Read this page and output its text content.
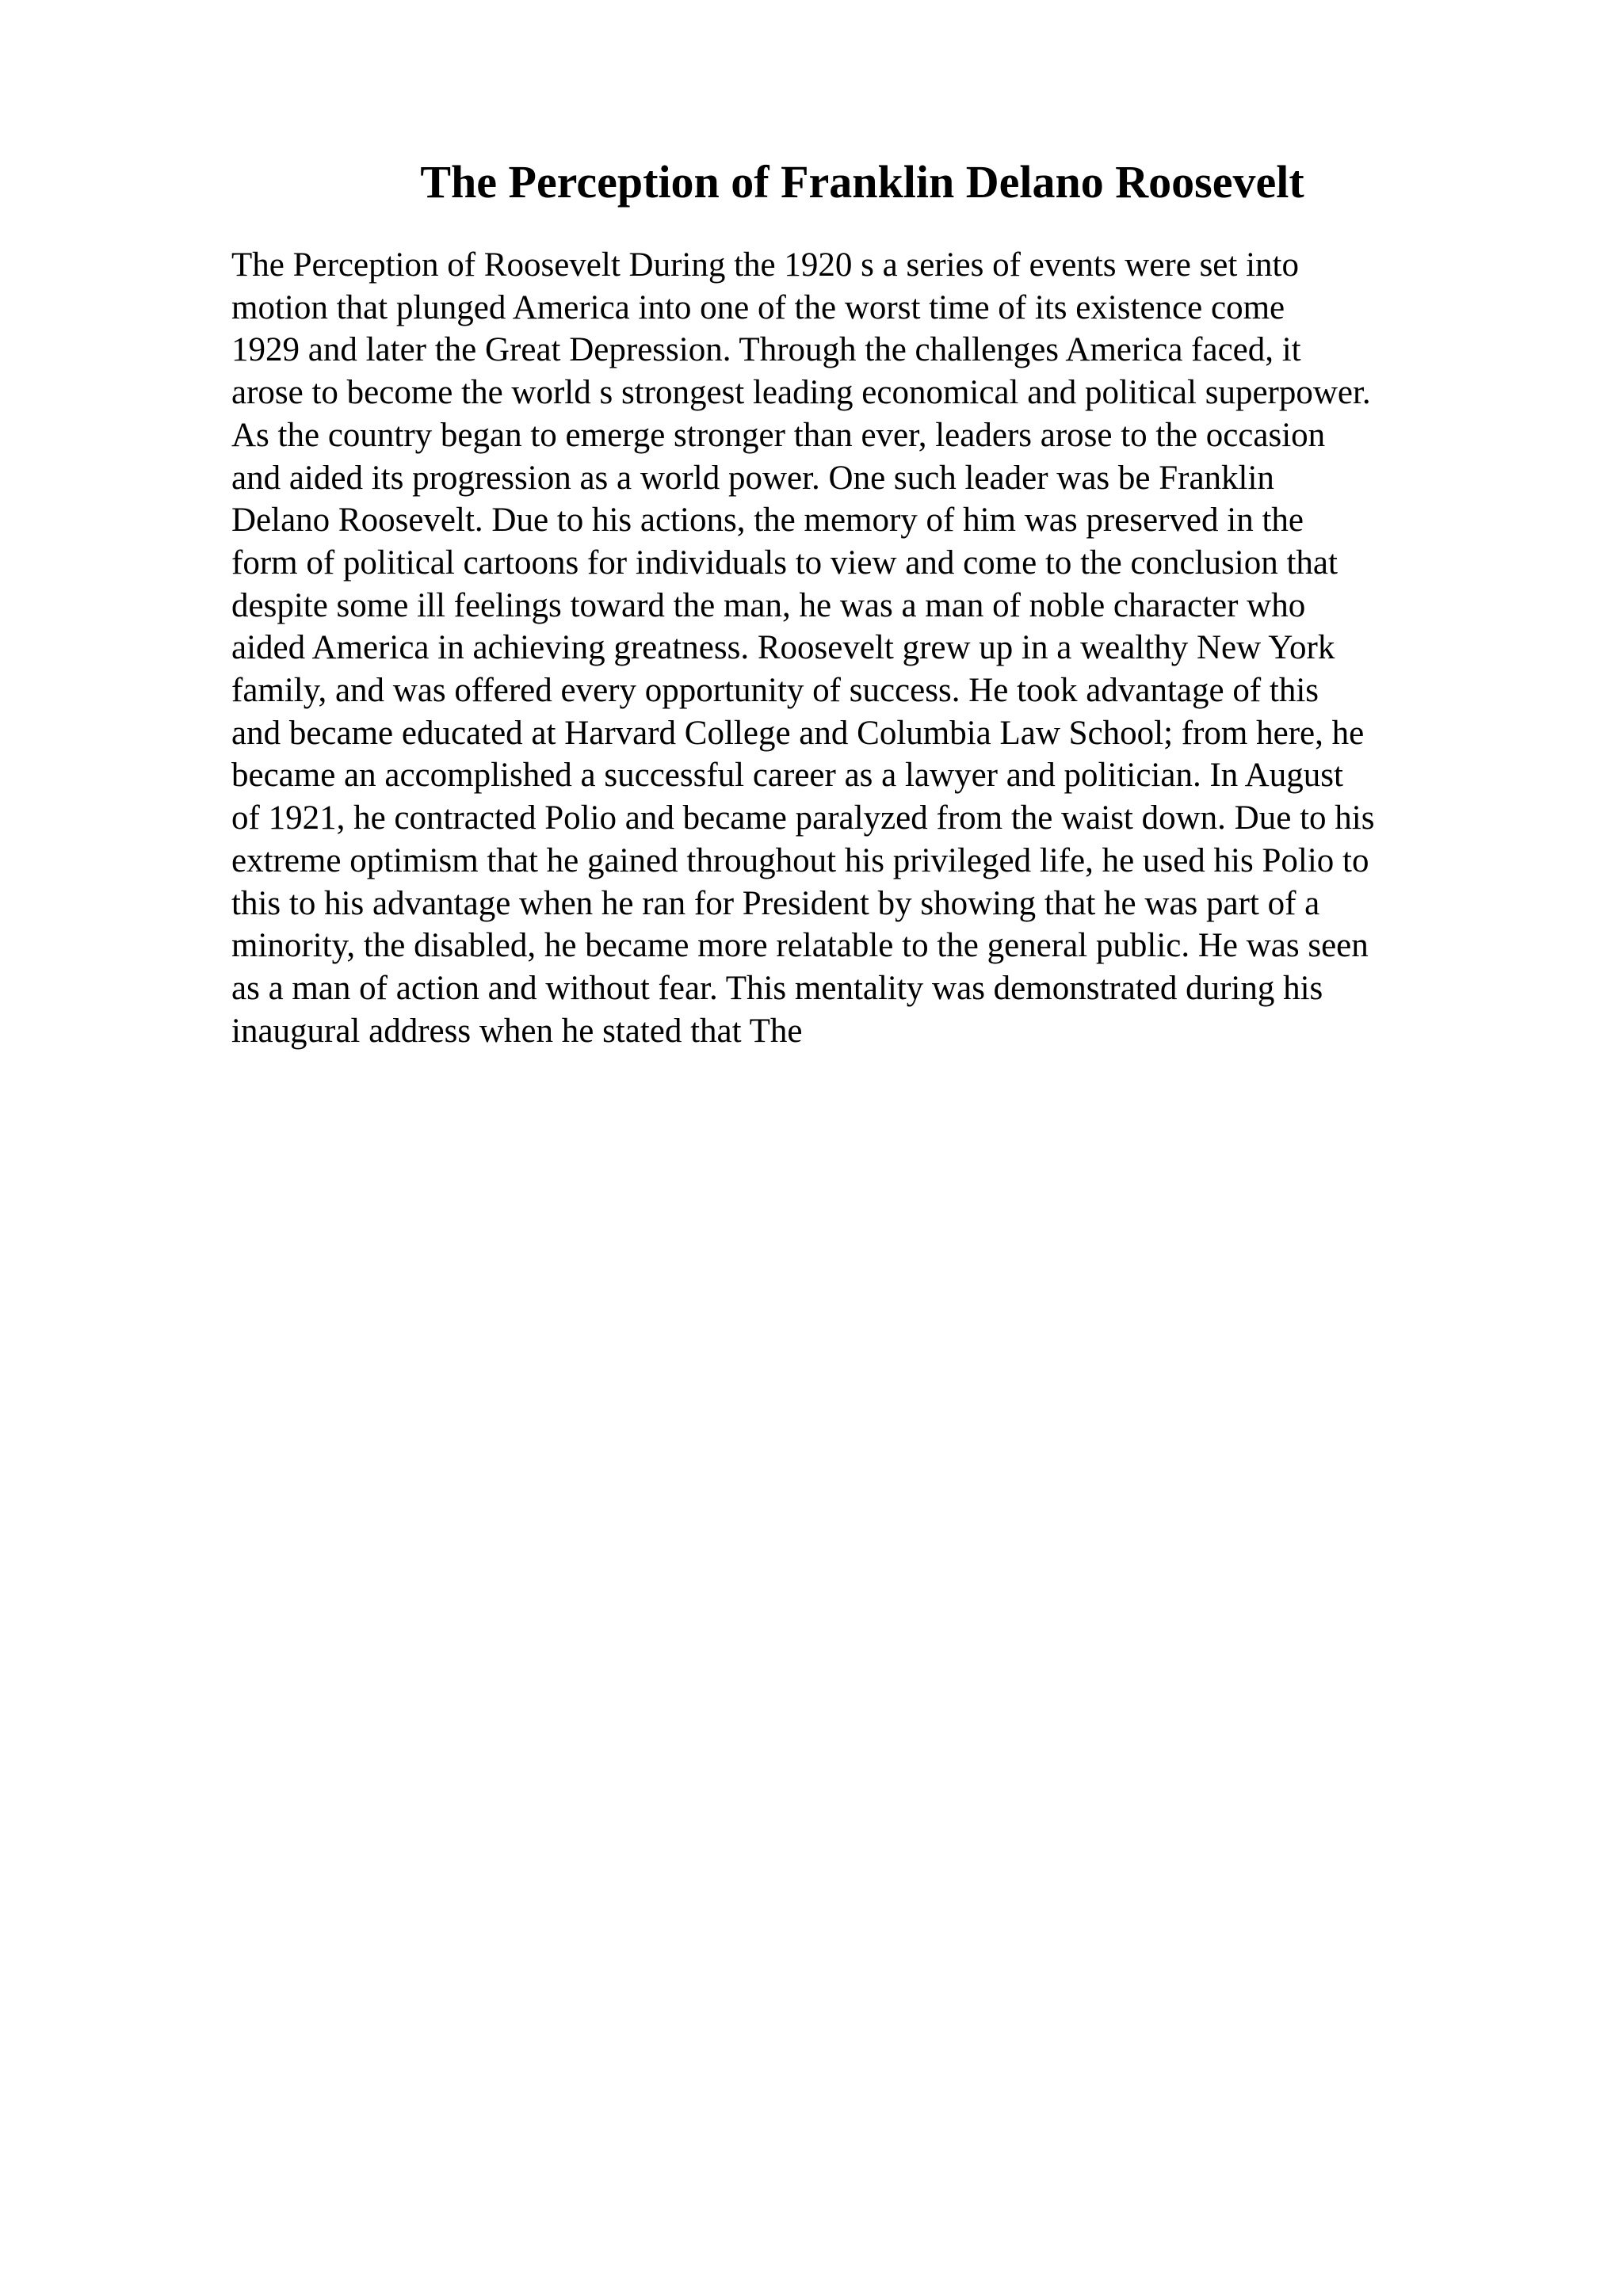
The Perception of Franklin Delano Roosevelt
The Perception of Roosevelt During the 1920 s a series of events were set into
motion that plunged America into one of the worst time of its existence come
1929 and later the Great Depression. Through the challenges America faced, it
arose to become the world s strongest leading economical and political superpower.
As the country began to emerge stronger than ever, leaders arose to the occasion
and aided its progression as a world power. One such leader was be Franklin
Delano Roosevelt. Due to his actions, the memory of him was preserved in the
form of political cartoons for individuals to view and come to the conclusion that
despite some ill feelings toward the man, he was a man of noble character who
aided America in achieving greatness. Roosevelt grew up in a wealthy New York
family, and was offered every opportunity of success. He took advantage of this
and became educated at Harvard College and Columbia Law School; from here, he
became an accomplished a successful career as a lawyer and politician. In August
of 1921, he contracted Polio and became paralyzed from the waist down. Due to his
extreme optimism that he gained throughout his privileged life, he used his Polio to
this to his advantage when he ran for President by showing that he was part of a
minority, the disabled, he became more relatable to the general public. He was seen
as a man of action and without fear. This mentality was demonstrated during his
inaugural address when he stated that The
